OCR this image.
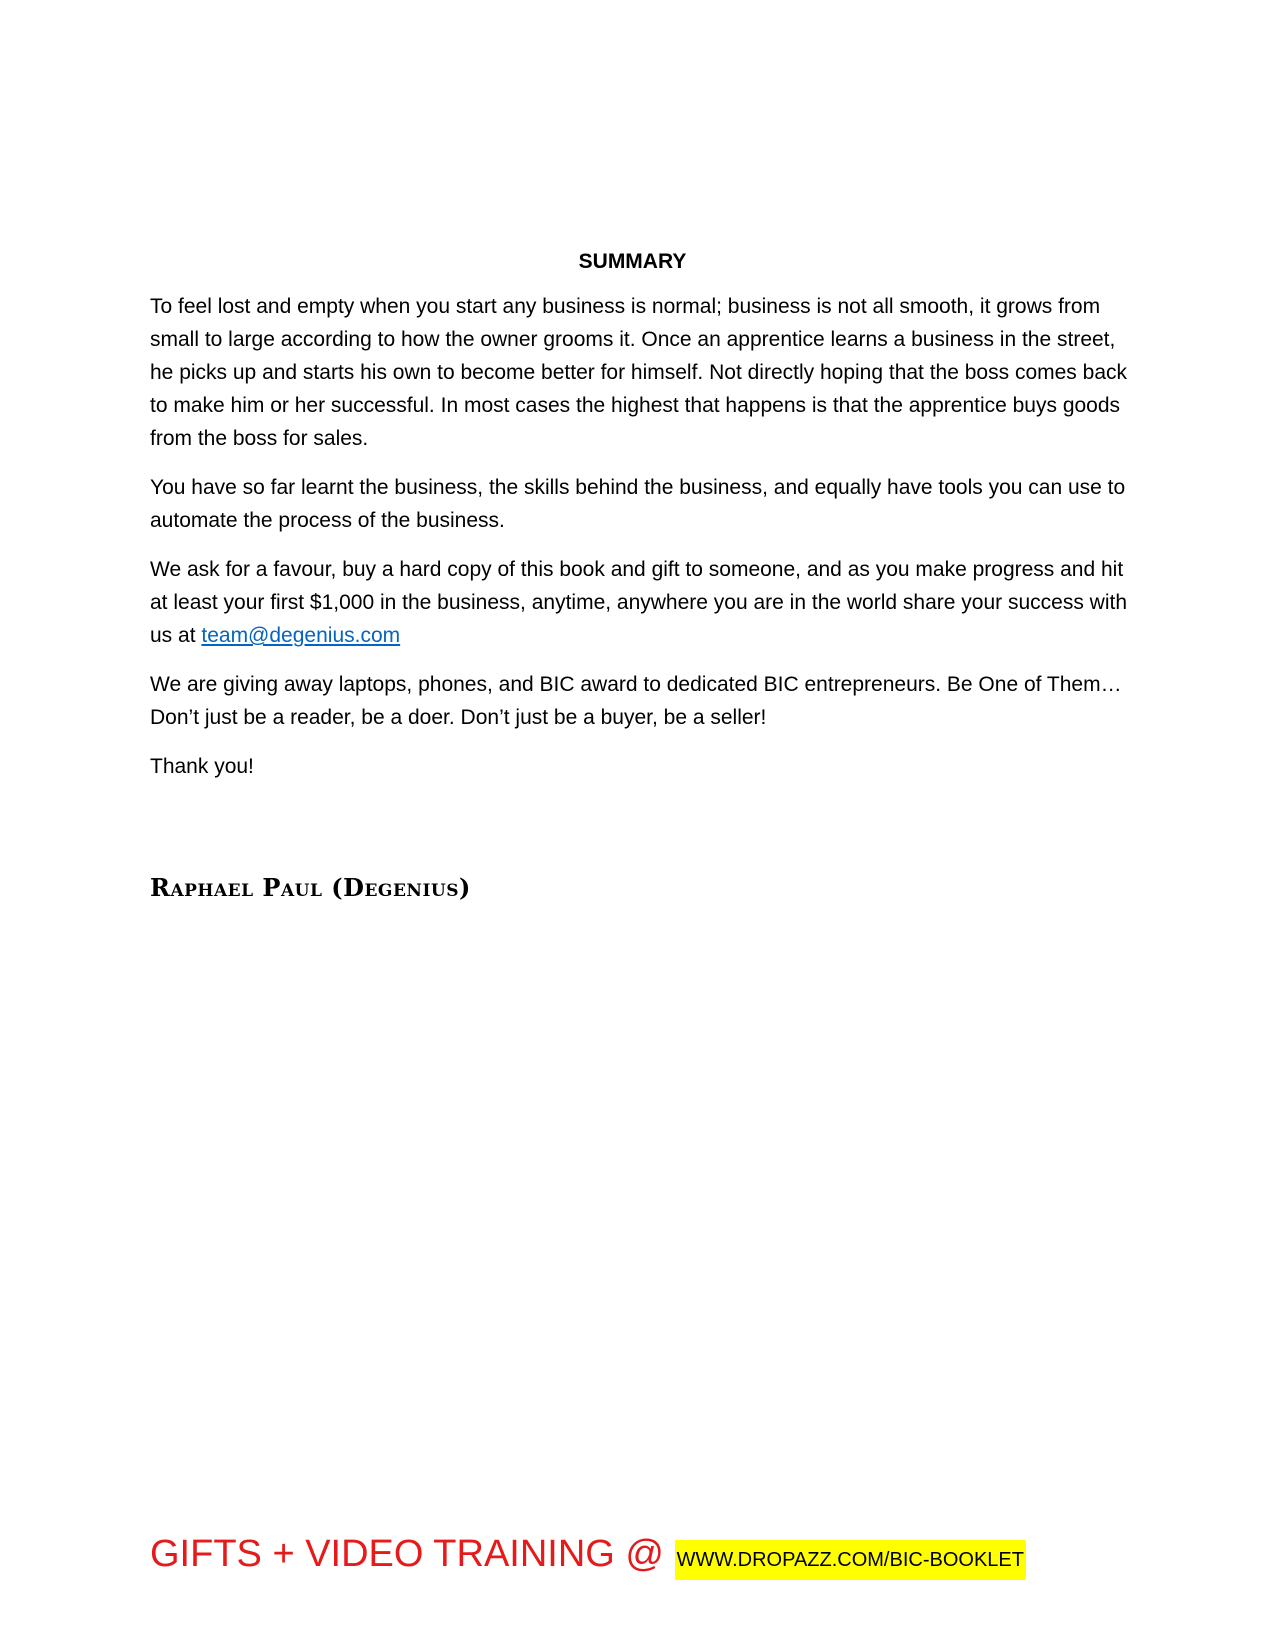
SUMMARY

To feel lost and empty when you start any business is normal; business is not all smooth, it grows from small to large according to how the owner grooms it. Once an apprentice learns a business in the street, he picks up and starts his own to become better for himself. Not directly hoping that the boss comes back to make him or her successful. In most cases the highest that happens is that the apprentice buys goods from the boss for sales.

You have so far learnt the business, the skills behind the business, and equally have tools you can use to automate the process of the business.

We ask for a favour, buy a hard copy of this book and gift to someone, and as you make progress and hit at least your first $1,000 in the business, anytime, anywhere you are in the world share your success with us at team@degenius.com

We are giving away laptops, phones, and BIC award to dedicated BIC entrepreneurs. Be One of Them… Don’t just be a reader, be a doer. Don’t just be a buyer, be a seller!

Thank you!

Raphael Paul (Degenius)
GIFTS + VIDEO TRAINING @ WWW.DROPAZZ.COM/BIC-BOOKLET
